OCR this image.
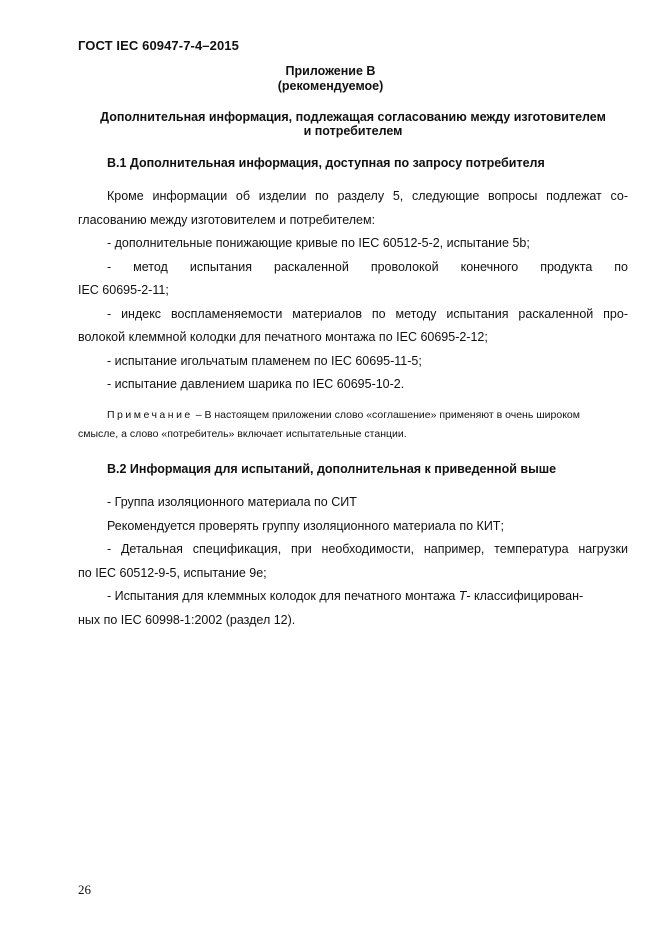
ГОСТ IEC 60947-7-4–2015
Приложение B
(рекомендуемое)
Дополнительная информация, подлежащая согласованию между изготовителем
и потребителем
B.1 Дополнительная информация, доступная по запросу потребителя
Кроме информации об изделии по разделу 5, следующие вопросы подлежат со-
гласованию между изготовителем и потребителем:
- дополнительные понижающие кривые по IEC 60512-5-2, испытание 5b;
- метод испытания раскаленной проволокой конечного продукта по
IEC 60695-2-11;
- индекс воспламеняемости материалов по методу испытания раскаленной про-
волокой клеммной колодки для печатного монтажа по IEC 60695-2-12;
- испытание игольчатым пламенем по IEC 60695-11-5;
- испытание давлением шарика по IEC 60695-10-2.
Примечание – В настоящем приложении слово «соглашение» применяют в очень широком
смысле, а слово «потребитель» включает испытательные станции.
B.2 Информация для испытаний, дополнительная к приведенной выше
- Группа изоляционного материала по СИТ
Рекомендуется проверять группу изоляционного материала по КИТ;
- Детальная спецификация, при необходимости, например, температура нагрузки
по IEC 60512-9-5, испытание 9e;
- Испытания для клеммных колодок для печатного монтажа T- классифицирован-
ных по IEC 60998-1:2002 (раздел 12).
26
